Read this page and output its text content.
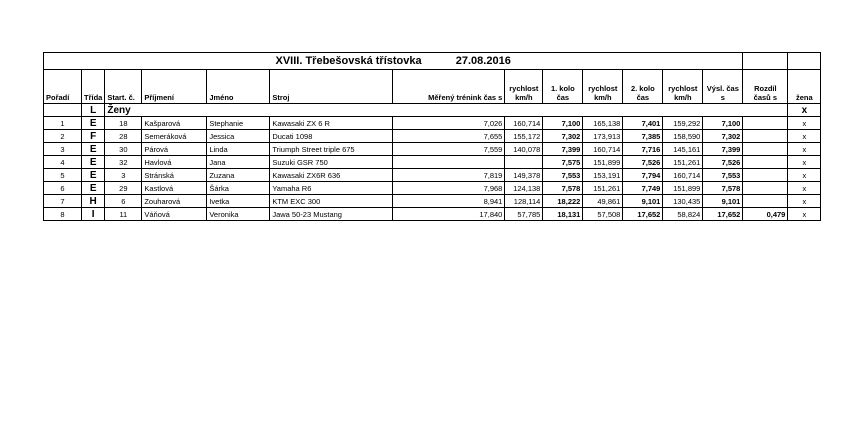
XVIII. Třebešovská třístovka 27.08.2016														
Pořadí	Třída	Start. č.	Příjmení	Jméno	Stroj	Měřený trénink čas s	rychlost km/h	1. kolo čas	rychlost km/h	2. kolo čas	rychlost km/h	Výsl. čas s	Rozdíl časů s	žena
	L	Ženy												x
1	E	18	Kašparová	Stephanie	Kawasaki ZX 6 R	7,026	160,714	7,100	165,138	7,401	159,292	7,100		x
2	F	28	Semeráková	Jessica	Ducati 1098	7,655	155,172	7,302	173,913	7,385	158,590	7,302		x
3	E	30	Párová	Linda	Triumph Street triple 675	7,559	140,078	7,399	160,714	7,716	145,161	7,399		x
4	E	32	Havlová	Jana	Suzuki GSR 750			7,575	151,899	7,526	151,261	7,526		x
5	E	3	Stránská	Zuzana	Kawasaki ZX6R 636	7,819	149,378	7,553	153,191	7,794	160,714	7,553		x
6	E	29	Kastlová	Šárka	Yamaha R6	7,968	124,138	7,578	151,261	7,749	151,899	7,578		x
7	H	6	Zouharová	Ivetka	KTM EXC 300	8,941	128,114	18,222	49,861	9,101	130,435	9,101		x
8	I	11	Váňová	Veronika	Jawa 50-23 Mustang	17,840	57,785	18,131	57,508	17,652	58,824	17,652	0,479	x
